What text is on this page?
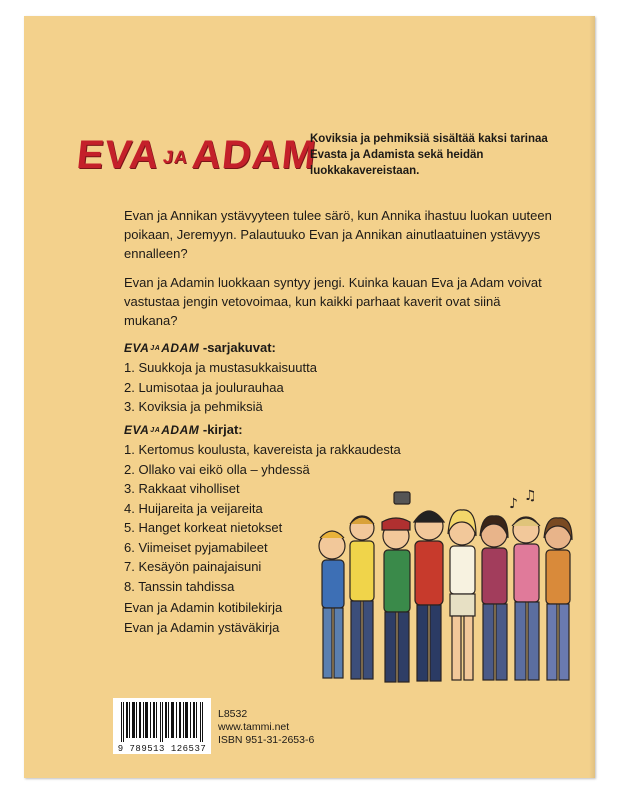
EVAJAADAM
Koviksia ja pehmiksiä sisältää kaksi tarinaa Evasta ja Adamista sekä heidän luokkakavereistaan.
Evan ja Annikan ystävyyteen tulee särö, kun Annika ihastuu luokan uuteen poikaan, Jeremyyn. Palautuuko Evan ja Annikan ainutlaatuinen ystävyys ennalleen?
Evan ja Adamin luokkaan syntyy jengi. Kuinka kauan Eva ja Adam voivat vastustaa jengin vetovoimaa, kun kaikki parhaat kaverit ovat siinä mukana?
EVAJAADAM -sarjakuvat:
1. Suukkoja ja mustasukkaisuutta
2. Lumisotaa ja joulurauhaa
3. Koviksia ja pehmiksiä
EVAJAADAM -kirjat:
1. Kertomus koulusta, kavereista ja rakkaudesta
2. Ollako vai eikö olla – yhdessä
3. Rakkaat viholliset
4. Huijareita ja veijareita
5. Hanget korkeat nietokset
6. Viimeiset pyjamabileet
7. Kesäyön painajaisuni
8. Tanssin tahdissa
Evan ja Adamin kotibilekirja
Evan ja Adamin ystäväkirja
♪ ♫
9 789513 126537
L8532
www.tammi.net
ISBN 951-31-2653-6
